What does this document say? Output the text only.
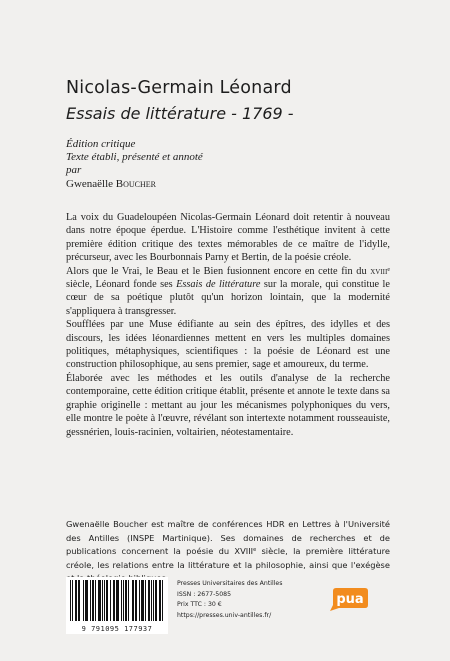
Nicolas-Germain Léonard
Essais de littérature - 1769 -
Édition critique
Texte établi, présenté et annoté
par
Gwenaëlle Boucher

La voix du Guadeloupéen Nicolas-Germain Léonard doit retentir à nouveau dans notre époque éperdue. L'Histoire comme l'esthétique invitent à cette première édition critique des textes mémorables de ce maître de l'idylle, précurseur, avec les Bourbonnais Parny et Bertin, de la poésie créole.

Alors que le Vrai, le Beau et le Bien fusionnent encore en cette fin du xviii$^e$ siècle, Léonard fonde ses Essais de littérature sur la morale, qui constitue le cœur de sa poétique plutôt qu'un horizon lointain, que la modernité s'appliquera à transgresser.

Soufflées par une Muse édifiante au sein des épîtres, des idylles et des discours, les idées léonardiennes mettent en vers les multiples domaines politiques, métaphysiques, scientifiques : la poésie de Léonard est une construction philosophique, au sens premier, sage et amoureux, du terme.

Élaborée avec les méthodes et les outils d'analyse de la recherche contemporaine, cette édition critique établit, présente et annote le texte dans sa graphie originelle : mettant au jour les mécanismes polyphoniques du vers, elle montre le poète à l'œuvre, révélant son intertexte notamment rousseauiste, gessnérien, louis-racinien, voltairien, néotestamentaire.

Gwenaëlle Boucher est maître de conférences HDR en Lettres à l'Université des Antilles (INSPE Martinique). Ses domaines de recherches et de publications concernent la poésie du XVIIIe siècle, la première littérature créole, les relations entre la littérature et la philosophie, ainsi que l'exégèse
9 791095 177937
Presses Universitaires des Antilles
ISSN : 2677-5085
Prix TTC : 30 €
https://presses.univ-antilles.fr/
pua
